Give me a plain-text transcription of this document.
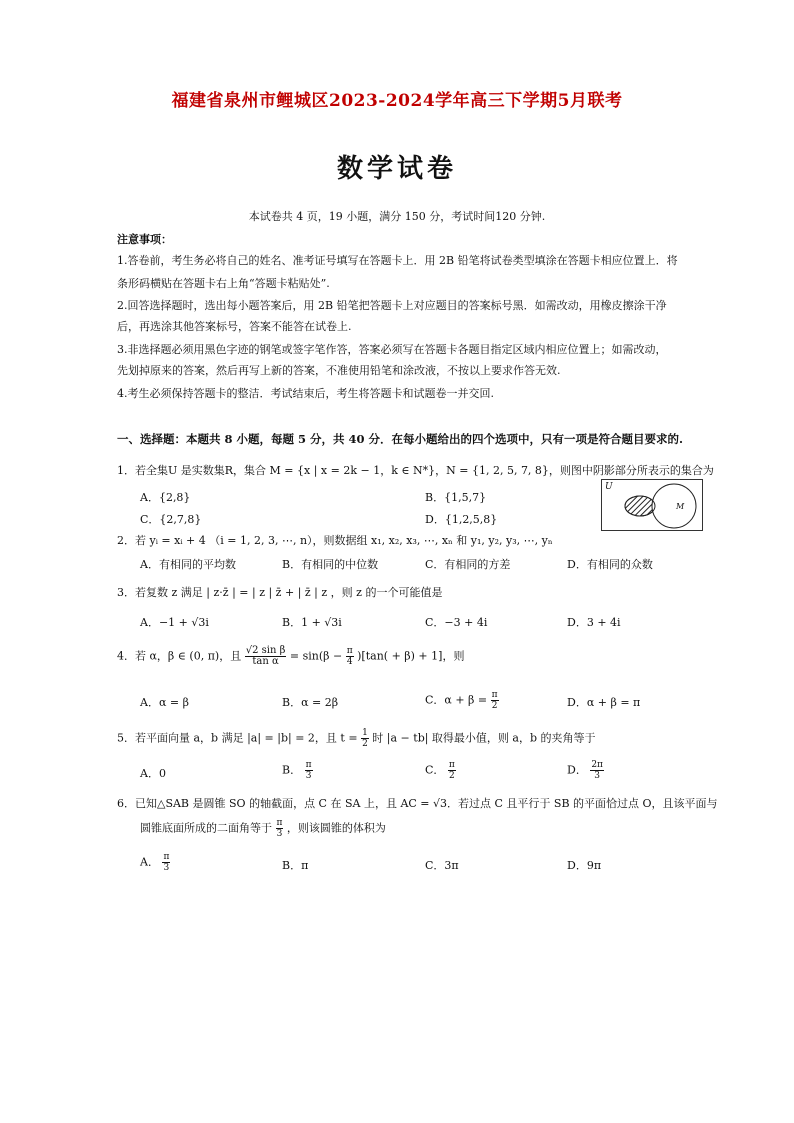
福建省泉州市鲤城区2023-2024学年高三下学期5月联考
数学试卷
本试卷共 4 页，19 小题，满分 150 分，考试时间120 分钟.
注意事项：
1.答卷前，考生务必将自己的姓名、准考证号填写在答题卡上．用 2B 铅笔将试卷类型填涂在答题卡相应位置上．将
条形码横贴在答题卡右上角“答题卡粘贴处”.
2.回答选择题时，选出每小题答案后，用 2B 铅笔把答题卡上对应题目的答案标号黑．如需改动，用橡皮擦涂干净
后，再选涂其他答案标号，答案不能答在试卷上.
3.非选择题必须用黑色字迹的钢笔或签字笔作答，答案必须写在答题卡各题目指定区域内相应位置上；如需改动，
先划掉原来的答案，然后再写上新的答案，不准使用铅笔和涂改液，不按以上要求作答无效.
4.考生必须保持答题卡的整洁．考试结束后，考生将答题卡和试题卷一并交回.
一、选择题：本题共 8 小题，每题 5 分，共 40 分．在每小题给出的四个选项中，只有一项是符合题目要求的.
1．若全集U 是实数集R，集合 M = {x | x = 2k − 1，k ∈ N*}，N = {1, 2, 5, 7, 8}，则图中阴影部分所表示的集合为
A．{2,8}	B．{1,5,7}
C．{2,7,8}	D．{1,2,5,8}
U
M
2．若 yᵢ = xᵢ + 4 （i = 1, 2, 3, ⋯, n），则数据组 x₁, x₂, x₃, ⋯, xₙ 和 y₁, y₂, y₃, ⋯, yₙ
A．有相同的平均数	B．有相同的中位数	C．有相同的方差	D．有相同的众数
3．若复数 z 满足 | z·z̄ | = | z | z̄ + | z̄ | z ，则 z 的一个可能值是
A．−1 + √3i	B．1 + √3i	C．−3 + 4i	D．3 + 4i
4．若 α，β ∈ (0, π)，且 $\frac{\text{√2 sin β}}{\text{tan α}} = \sin(\beta - \frac{\pi}{4} )[\tan( + \beta) + 1]$，则
A．α = β	B．α = 2β	C．$\alpha + \beta = \frac{\pi}{2}$	D．α + β = π
5．若平面向量 a，b 满足 |a| = |b| = 2，且 $t = \frac{1}{2}$ 时 |a − tb| 取得最小值，则 a，b 的夹角等于
A．0	B． $\frac{\pi}{3}$	C． $\frac{\pi}{2}$	D． $\frac{2\pi}{3}$
6．已知△SAB 是圆锥 SO 的轴截面，点 C 在 SA 上，且 AC = √3．若过点 C 且平行于 SB 的平面恰过点 O，且该平面与
圆锥底面所成的二面角等于 $\frac{\pi}{3}$ ，则该圆锥的体积为
A． $\frac{\pi}{3}$	B．π	C．3π	D．9π
